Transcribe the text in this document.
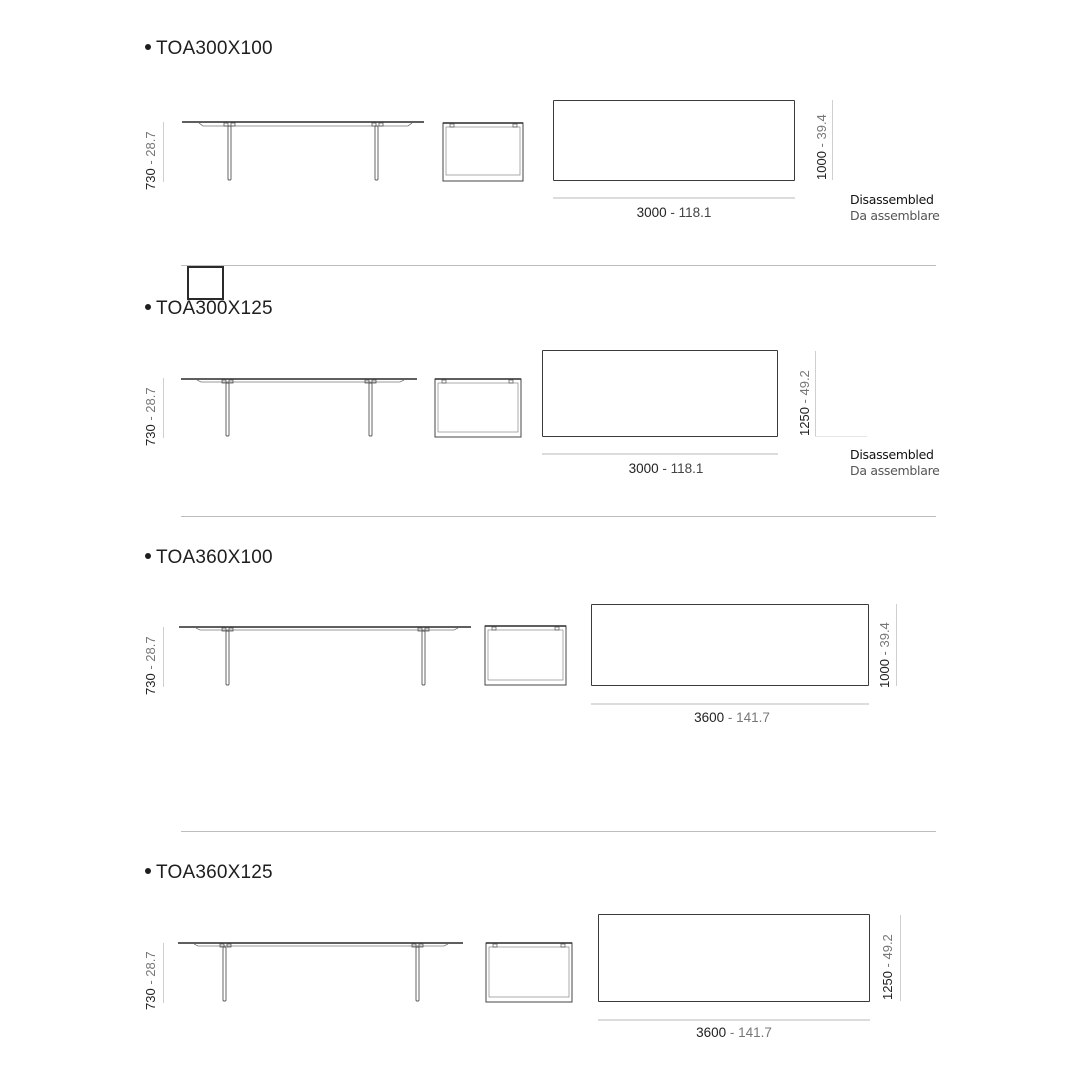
TOA300X100
730 - 28.7
1000 - 39.4
3000 - 118.1
Disassembled
Da assemblare
TOA300X125
730 - 28.7
1250 - 49.2
3000 - 118.1
Disassembled
Da assemblare
TOA360X100
730 - 28.7
1000 - 39.4
3600 - 141.7
TOA360X125
730 - 28.7
1250 - 49.2
3600 - 141.7
